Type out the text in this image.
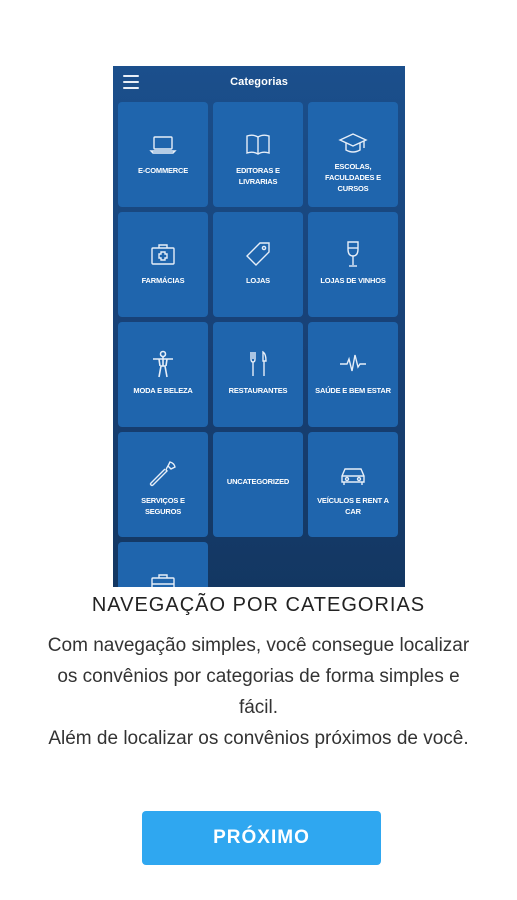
Categorias
E-COMMERCE	EDITORAS E LIVRARIAS
ESCOLAS, FACULDADES E CURSOS
FARMÁCIAS	LOJAS	LOJAS DE VINHOS
MODA E BELEZA	RESTAURANTES	SAÚDE E BEM ESTAR
SERVIÇOS E SEGUROS
UNCATEGORIZED
VEÍCULOS E RENT A CAR
NAVEGAÇÃO POR CATEGORIAS

Com navegação simples, você consegue localizar os convênios por categorias de forma simples e fácil.

Além de localizar os convênios próximos de você.

PRÓXIMO
